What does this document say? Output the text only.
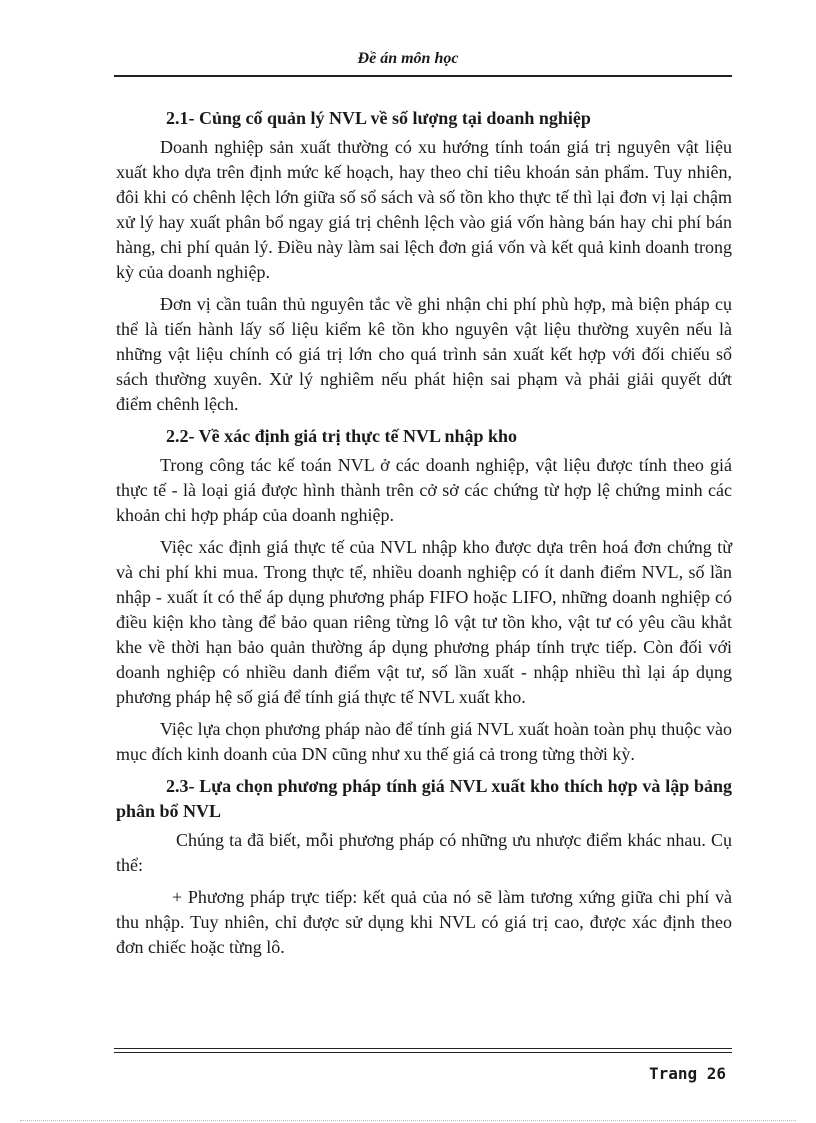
Đề án môn học

2.1- Củng cố quản lý NVL về số lượng tại doanh nghiệp

Doanh nghiệp sản xuất thường có xu hướng tính toán giá trị nguyên vật liệu xuất kho dựa trên định mức kế hoạch, hay theo chỉ tiêu khoán sản phẩm. Tuy nhiên, đôi khi có chênh lệch lớn giữa số sổ sách và số tồn kho thực tế thì lại đơn vị lại chậm xử lý hay xuất phân bổ ngay giá trị chênh lệch vào giá vốn hàng bán hay chi phí bán hàng, chi phí quản lý. Điều này làm sai lệch đơn giá vốn và kết quả kinh doanh trong kỳ của doanh nghiệp.

Đơn vị cần tuân thủ nguyên tắc về ghi nhận chi phí phù hợp, mà biện pháp cụ thể là tiến hành lấy số liệu kiểm kê tồn kho nguyên vật liệu thường xuyên nếu là những vật liệu chính có giá trị lớn cho quá trình sản xuất kết hợp với đối chiếu sổ sách thường xuyên. Xử lý nghiêm nếu phát hiện sai phạm và phải giải quyết dứt điểm chênh lệch.

2.2- Về xác định giá trị thực tế NVL nhập kho

Trong công tác kế toán NVL ở các doanh nghiệp, vật liệu được tính theo giá thực tế - là loại giá được hình thành trên cở sở các chứng từ hợp lệ chứng minh các khoản chi hợp pháp của doanh nghiệp.

Việc xác định giá thực tế của NVL nhập kho được dựa trên hoá đơn chứng từ và chi phí khi mua. Trong thực tế, nhiều doanh nghiệp có ít danh điểm NVL, số lần nhập - xuất ít có thể áp dụng phương pháp FIFO hoặc LIFO, những doanh nghiệp có điều kiện kho tàng để bảo quan riêng từng lô vật tư tồn kho, vật tư có yêu cầu khắt khe về thời hạn bảo quản thường áp dụng phương pháp tính trực tiếp. Còn đối với doanh nghiệp có nhiều danh điểm vật tư, số lần xuất - nhập nhiều thì lại áp dụng phương pháp hệ số giá để tính giá thực tế NVL xuất kho.

Việc lựa chọn phương pháp nào để tính giá NVL xuất hoàn toàn phụ thuộc vào mục đích kinh doanh của DN cũng như xu thế giá cả trong từng thời kỳ.

2.3- Lựa chọn phương pháp tính giá NVL xuất kho thích hợp và lập bảng phân bổ NVL

Chúng ta đã biết, mỗi phương pháp có những ưu nhược điểm khác nhau. Cụ thể:

+ Phương pháp trực tiếp: kết quả của nó sẽ làm tương xứng giữa chi phí và thu nhập. Tuy nhiên, chỉ được sử dụng khi NVL có giá trị cao, được xác định theo đơn chiếc hoặc từng lô.

Trang 26
